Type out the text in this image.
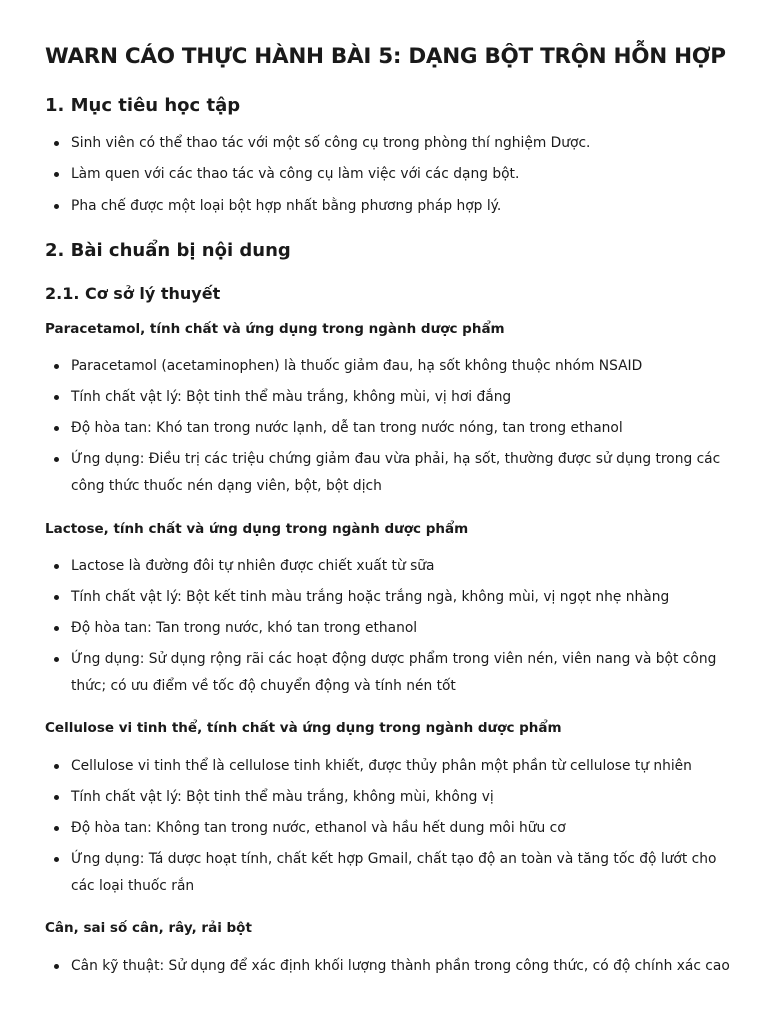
WARN CÁO THỰC HÀNH BÀI 5: DẠNG BỘT TRỘN HỖN HỢP
1. Mục tiêu học tập
Sinh viên có thể thao tác với một số công cụ trong phòng thí nghiệm Dược.
Làm quen với các thao tác và công cụ làm việc với các dạng bột.
Pha chế được một loại bột hợp nhất bằng phương pháp hợp lý.
2. Bài chuẩn bị nội dung
2.1. Cơ sở lý thuyết
Paracetamol, tính chất và ứng dụng trong ngành dược phẩm
Paracetamol (acetaminophen) là thuốc giảm đau, hạ sốt không thuộc nhóm NSAID
Tính chất vật lý: Bột tinh thể màu trắng, không mùi, vị hơi đắng
Độ hòa tan: Khó tan trong nước lạnh, dễ tan trong nước nóng, tan trong ethanol
Ứng dụng: Điều trị các triệu chứng giảm đau vừa phải, hạ sốt, thường được sử dụng trong các công thức thuốc nén dạng viên, bột, bột dịch
Lactose, tính chất và ứng dụng trong ngành dược phẩm
Lactose là đường đôi tự nhiên được chiết xuất từ sữa
Tính chất vật lý: Bột kết tinh màu trắng hoặc trắng ngà, không mùi, vị ngọt nhẹ nhàng
Độ hòa tan: Tan trong nước, khó tan trong ethanol
Ứng dụng: Sử dụng rộng rãi các hoạt động dược phẩm trong viên nén, viên nang và bột công thức; có ưu điểm về tốc độ chuyển động và tính nén tốt
Cellulose vi tinh thể, tính chất và ứng dụng trong ngành dược phẩm
Cellulose vi tinh thể là cellulose tinh khiết, được thủy phân một phần từ cellulose tự nhiên
Tính chất vật lý: Bột tinh thể màu trắng, không mùi, không vị
Độ hòa tan: Không tan trong nước, ethanol và hầu hết dung môi hữu cơ
Ứng dụng: Tá dược hoạt tính, chất kết hợp Gmail, chất tạo độ an toàn và tăng tốc độ lướt cho các loại thuốc rắn
Cân, sai số cân, rây, rải bột
Cân kỹ thuật: Sử dụng để xác định khối lượng thành phần trong công thức, có độ chính xác cao
